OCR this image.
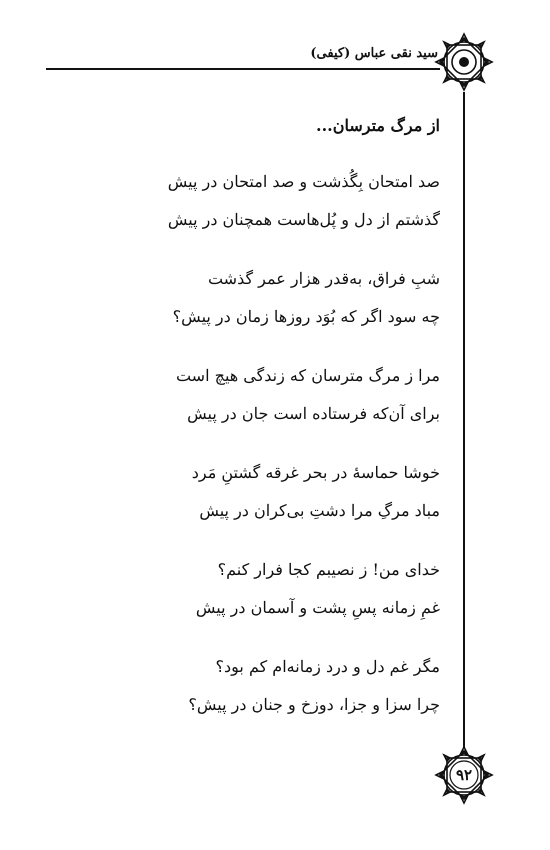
سید نقی عباس (کیفی)
۹۲
از مرگ مترسان...
صد امتحان بِگُذشت و صد امتحان در پیش
گذشتم از دل و پُل‌هاست همچنان در پیش
شبِ فراق، به‌قدر هزار عمر گذشت
چه سود اگر که بُوَد روزها زمان در پیش؟
مرا ز مرگ مترسان که زندگی هیچ است
برای آن‌که فرستاده است جان در پیش
خوشا حماسهٔ در بحر غرقه گشتنِ مَرد
مباد مرگِ مرا دشتِ بی‌کران در پیش
خدای من! ز نصیبم کجا فرار کنم؟
غمِ زمانه پسِ پشت و آسمان در پیش
مگر غم دل و درد زمانه‌ام کم بود؟
چرا سزا و جزا، دوزخ و جنان در پیش؟
